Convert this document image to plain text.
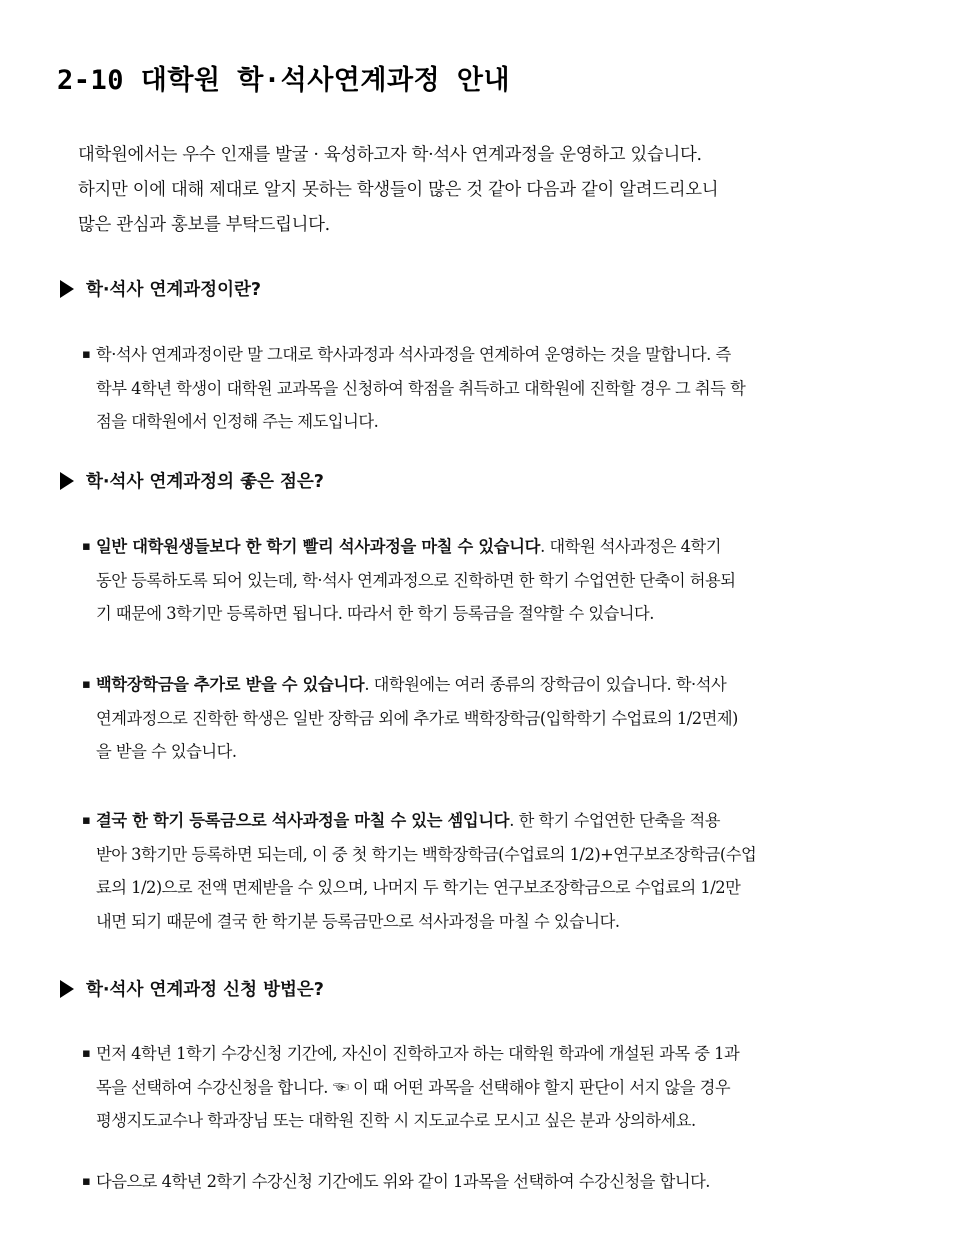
2-10 대학원 학·석사연계과정 안내
대학원에서는 우수 인재를 발굴 · 육성하고자 학·석사 연계과정을 운영하고 있습니다.
하지만 이에 대해 제대로 알지 못하는 학생들이 많은 것 같아 다음과 같이 알려드리오니
많은 관심과 홍보를 부탁드립니다.
학·석사 연계과정이란?
▪ 학·석사 연계과정이란 말 그대로 학사과정과 석사과정을 연계하여 운영하는 것을 말합니다. 즉
학부 4학년 학생이 대학원 교과목을 신청하여 학점을 취득하고 대학원에 진학할 경우 그 취득 학
점을 대학원에서 인정해 주는 제도입니다.
학·석사 연계과정의 좋은 점은?
▪ 일반 대학원생들보다 한 학기 빨리 석사과정을 마칠 수 있습니다. 대학원 석사과정은 4학기
동안 등록하도록 되어 있는데, 학·석사 연계과정으로 진학하면 한 학기 수업연한 단축이 허용되
기 때문에 3학기만 등록하면 됩니다. 따라서 한 학기 등록금을 절약할 수 있습니다.
▪ 백학장학금을 추가로 받을 수 있습니다. 대학원에는 여러 종류의 장학금이 있습니다. 학·석사
연계과정으로 진학한 학생은 일반 장학금 외에 추가로 백학장학금(입학학기 수업료의 1/2면제)
을 받을 수 있습니다.
▪ 결국 한 학기 등록금으로 석사과정을 마칠 수 있는 셈입니다. 한 학기 수업연한 단축을 적용
받아 3학기만 등록하면 되는데, 이 중 첫 학기는 백학장학금(수업료의 1/2)+연구보조장학금(수업
료의 1/2)으로 전액 면제받을 수 있으며, 나머지 두 학기는 연구보조장학금으로 수업료의 1/2만
내면 되기 때문에 결국 한 학기분 등록금만으로 석사과정을 마칠 수 있습니다.
학·석사 연계과정 신청 방법은?
▪ 먼저 4학년 1학기 수강신청 기간에, 자신이 진학하고자 하는 대학원 학과에 개설된 과목 중 1과
목을 선택하여 수강신청을 합니다. ☜ 이 때 어떤 과목을 선택해야 할지 판단이 서지 않을 경우
평생지도교수나 학과장님 또는 대학원 진학 시 지도교수로 모시고 싶은 분과 상의하세요.
▪ 다음으로 4학년 2학기 수강신청 기간에도 위와 같이 1과목을 선택하여 수강신청을 합니다.
